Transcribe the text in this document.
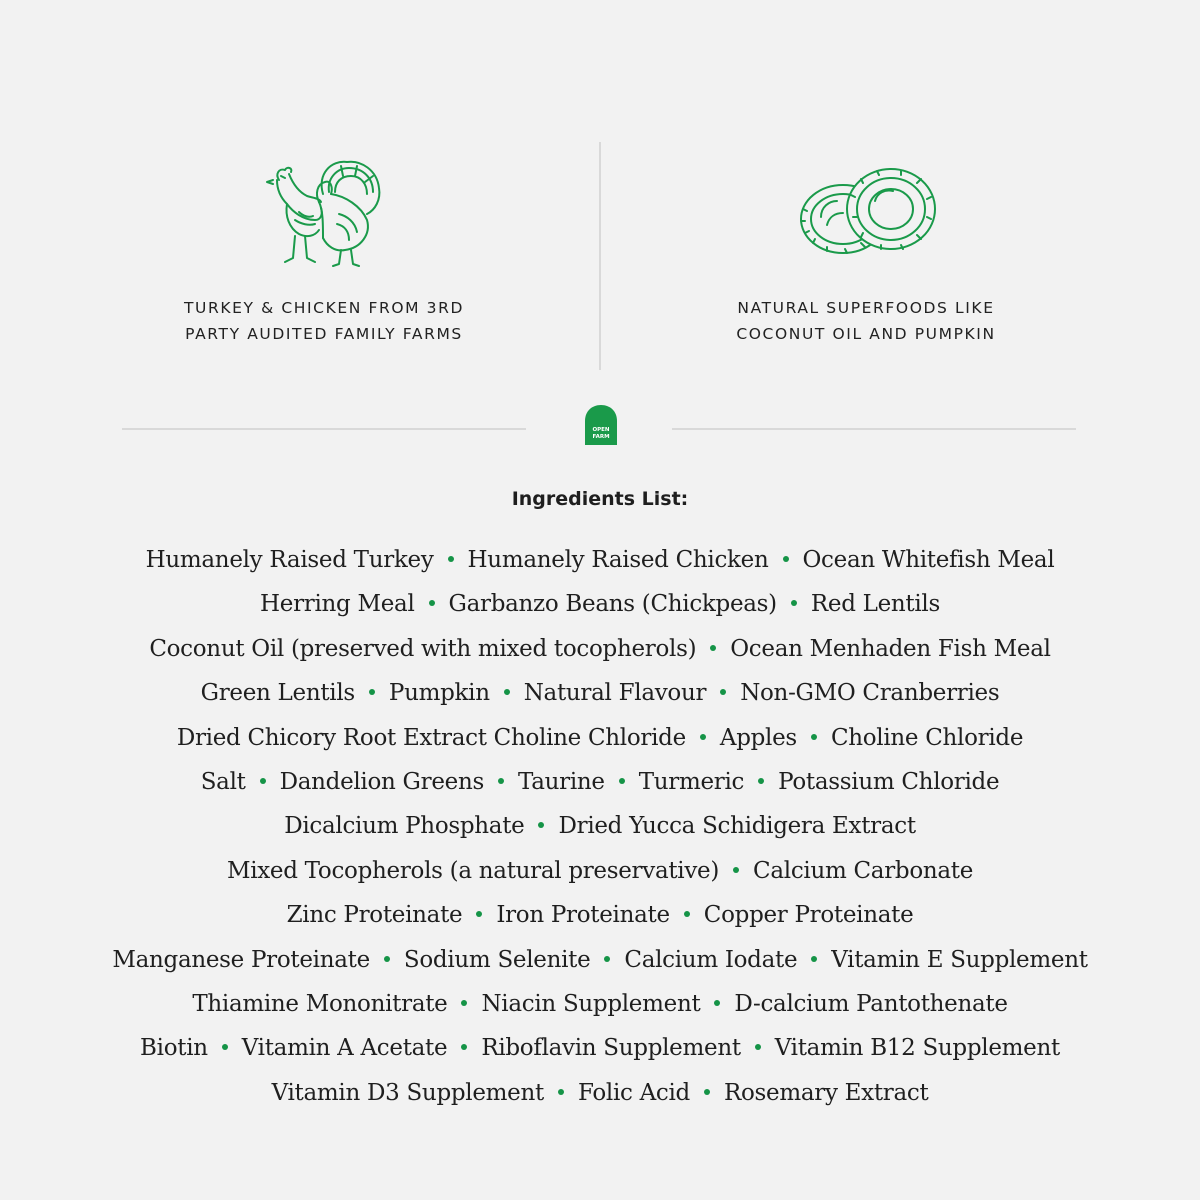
TURKEY & CHICKEN FROM 3RD
PARTY AUDITED FAMILY FARMS
NATURAL SUPERFOODS LIKE
COCONUT OIL AND PUMPKIN
OPEN
FARM
Ingredients List:
Humanely Raised Turkey Humanely Raised Chicken Ocean Whitefish Meal
Herring Meal Garbanzo Beans (Chickpeas) Red Lentils
Coconut Oil (preserved with mixed tocopherols) Ocean Menhaden Fish Meal
Green Lentils Pumpkin Natural Flavour Non-GMO Cranberries
Dried Chicory Root Extract Choline Chloride Apples Choline Chloride
Salt Dandelion Greens Taurine Turmeric Potassium Chloride
Dicalcium Phosphate Dried Yucca Schidigera Extract
Mixed Tocopherols (a natural preservative) Calcium Carbonate
Zinc Proteinate Iron Proteinate Copper Proteinate
Manganese Proteinate Sodium Selenite Calcium Iodate Vitamin E Supplement
Thiamine Mononitrate Niacin Supplement D-calcium Pantothenate
Biotin Vitamin A Acetate Riboflavin Supplement Vitamin B12 Supplement
Vitamin D3 Supplement Folic Acid Rosemary Extract
